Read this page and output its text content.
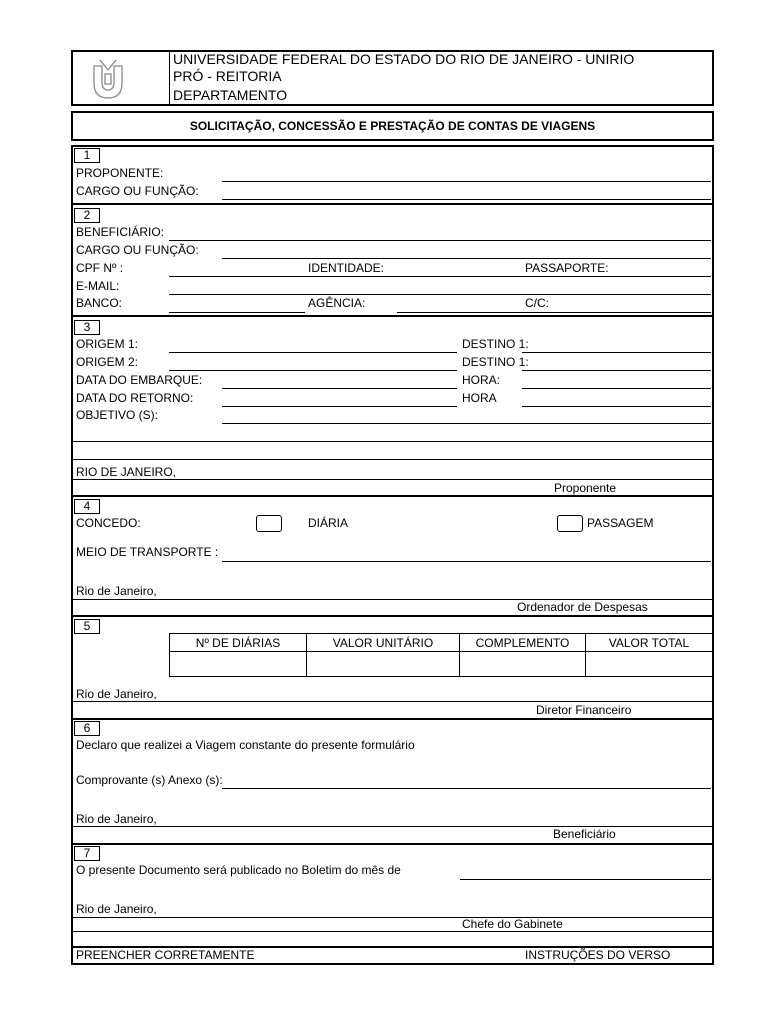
UNIVERSIDADE FEDERAL DO ESTADO DO RIO DE JANEIRO - UNIRIO
PRÓ - REITORIA
DEPARTAMENTO
SOLICITAÇÃO, CONCESSÃO E PRESTAÇÃO DE CONTAS DE VIAGENS
1
PROPONENTE:
CARGO OU FUNÇÃO:
2
BENEFICIÁRIO:
CARGO OU FUNÇÃO:
CPF Nº :	IDENTIDADE:	PASSAPORTE:
E-MAIL:
BANCO:	AGÊNCIA:	C/C:
3
ORIGEM 1:	DESTINO 1:
ORIGEM 2:	DESTINO 1:
DATA DO EMBARQUE:	HORA:
DATA DO RETORNO:	HORA
OBJETIVO (S):
RIO DE JANEIRO,
Proponente
4
CONCEDO:	DIÁRIA	PASSAGEM
MEIO DE TRANSPORTE :
Rio de Janeiro,
Ordenador de Despesas
5
Nº DE DIÁRIAS	VALOR UNITÁRIO	COMPLEMENTO	VALOR TOTAL

Rio de Janeiro,
Diretor Financeiro
6
Declaro que realizei a Viagem constante do presente formulário
Comprovante (s) Anexo (s):
Rio de Janeiro,
Beneficiário
7
O presente Documento será publicado no Boletim do mês de
Rio de Janeiro,
Chefe do Gabinete
PREENCHER CORRETAMENTE	INSTRUÇÕES DO VERSO
